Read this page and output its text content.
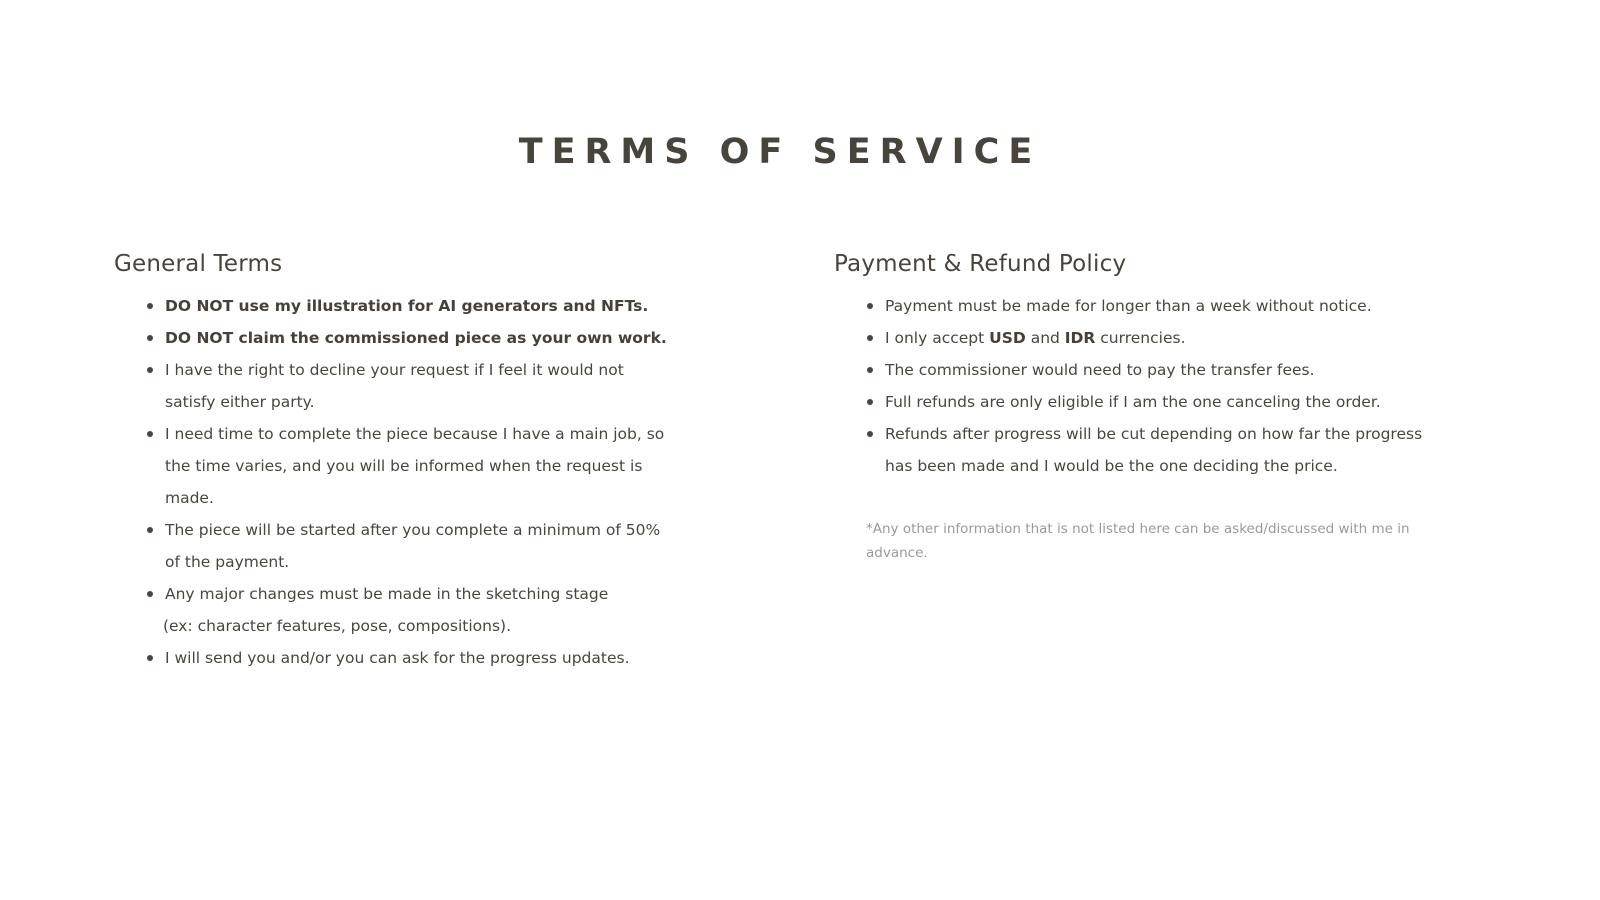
TERMS OF SERVICE
General Terms
DO NOT use my illustration for AI generators and NFTs.
DO NOT claim the commissioned piece as your own work.
I have the right to decline your request if I feel it would not satisfy either party.
I need time to complete the piece because I have a main job, so the time varies, and you will be informed when the request is made.
The piece will be started after you complete a minimum of 50% of the payment.
Any major changes must be made in the sketching stage
(ex: character features, pose, compositions).
I will send you and/or you can ask for the progress updates.
Payment & Refund Policy
Payment must be made for longer than a week without notice.
I only accept USD and IDR currencies.
The commissioner would need to pay the transfer fees.
Full refunds are only eligible if I am the one canceling the order.
Refunds after progress will be cut depending on how far the progress has been made and I would be the one deciding the price.

*Any other information that is not listed here can be asked/discussed with me in advance.
